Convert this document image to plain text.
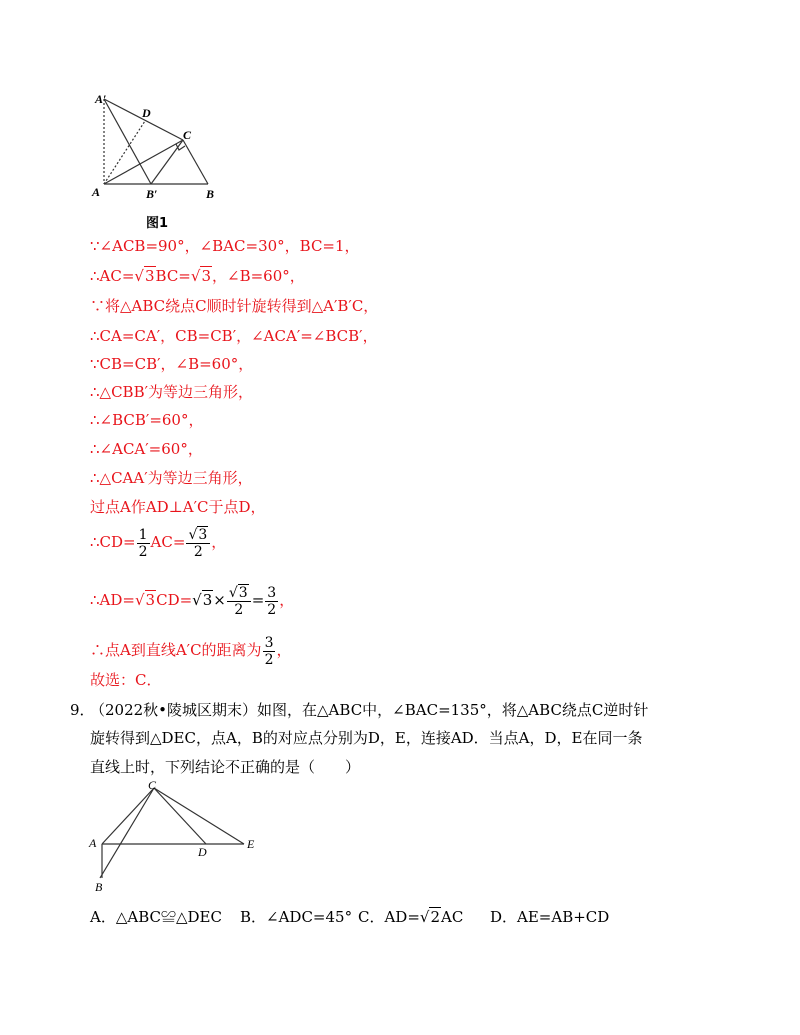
A′
D
C
A	B′	B
图1
∵∠ACB=90°，∠BAC=30°，BC=1，
∴AC=√3BC=√3，∠B=60°，
∵将△ABC绕点C顺时针旋转得到△A′B′C，
∴CA=CA′，CB=CB′，∠ACA′=∠BCB′，
∵CB=CB′，∠B=60°，
∴△CBB′为等边三角形，
∴∠BCB′=60°，
∴∠ACA′=60°，
∴△CAA′为等边三角形，
过点A作AD⊥A′C于点D，
∴CD= $\frac{1}{2} AC= \frac{√3}{2}$ ，
∴AD=√3CD=√3× $\frac{√3}{2} = \frac{3}{2}$ ，
∴点A到直线A′C的距离为 $\frac{3}{2}$ ，
故选：C．
9．
（2022秋•陵城区期末）如图，在△ABC中，∠BAC=135°，将△ABC绕点C逆时针
旋转得到△DEC，点A，B的对应点分别为D，E，连接AD．当点A，D，E在同一条
直线上时，下列结论不正确的是（　　）
C
A
D
E
B
A．△ABC≌△DEC B．∠ADC=45° C．AD=√2AC D．AE=AB+CD
